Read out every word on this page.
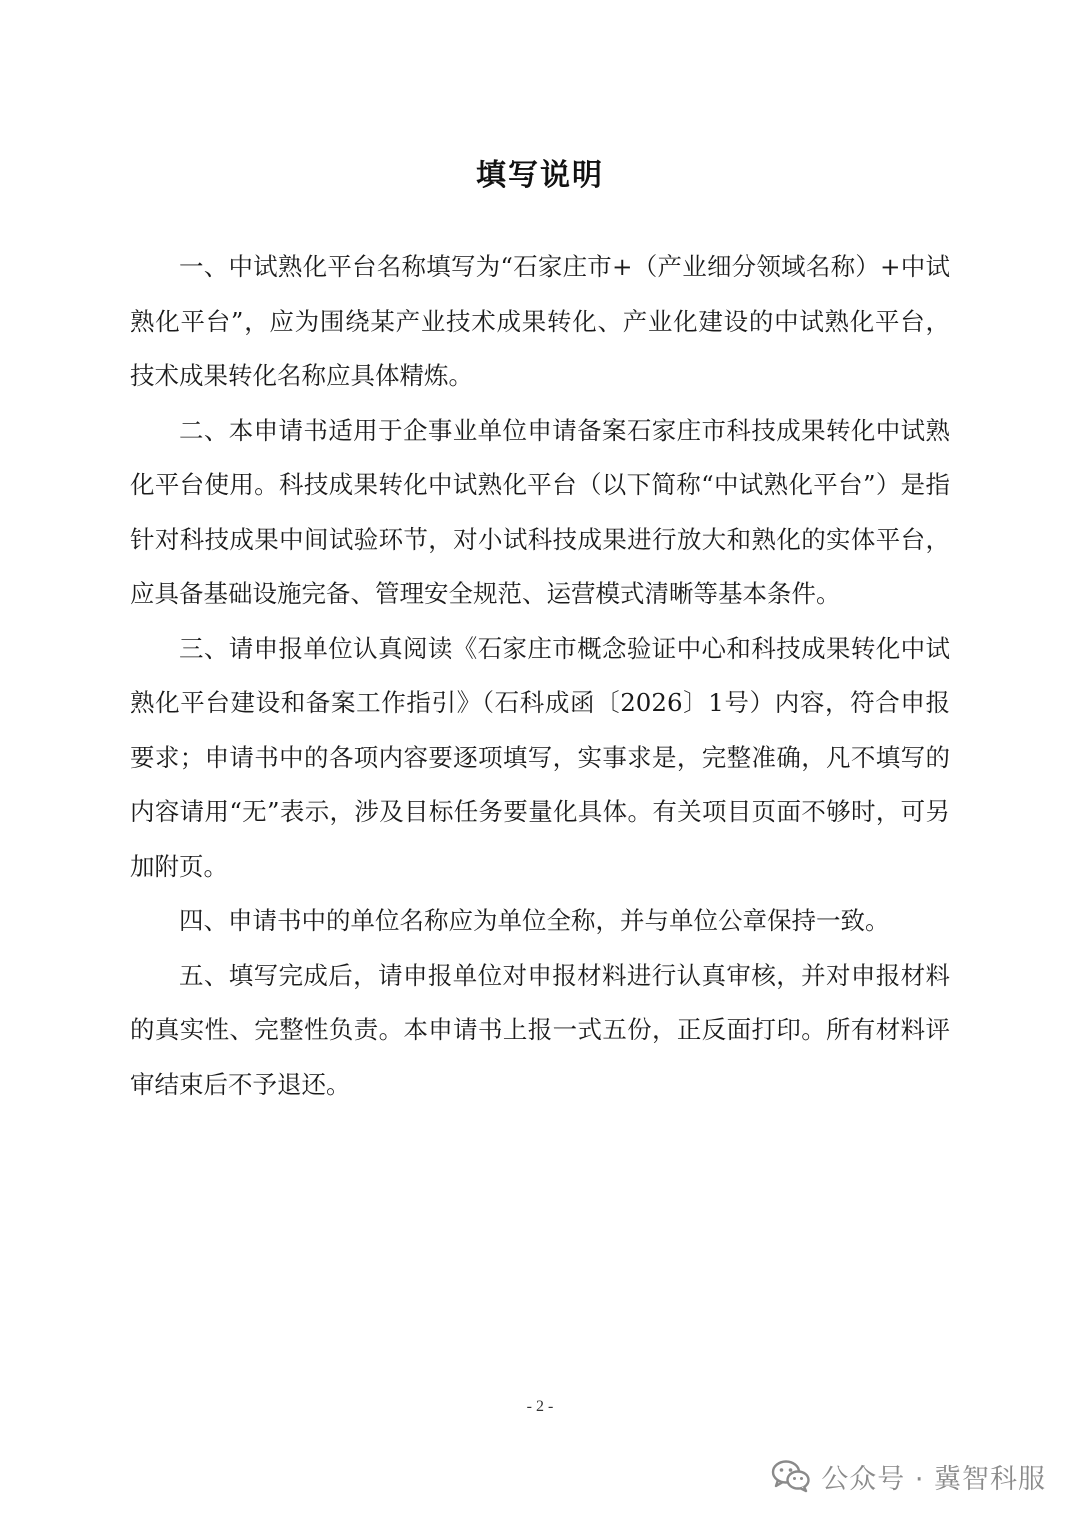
填写说明

一、中试熟化平台名称填写为“石家庄市+（产业细分领域名称）+中试熟化平台”，应为围绕某产业技术成果转化、产业化建设的中试熟化平台，技术成果转化名称应具体精炼。

二、本申请书适用于企事业单位申请备案石家庄市科技成果转化中试熟化平台使用。科技成果转化中试熟化平台（以下简称“中试熟化平台”）是指针对科技成果中间试验环节，对小试科技成果进行放大和熟化的实体平台，应具备基础设施完备、管理安全规范、运营模式清晰等基本条件。

三、请申报单位认真阅读《石家庄市概念验证中心和科技成果转化中试熟化平台建设和备案工作指引》（石科成函〔2026〕1号）内容，符合申报要求；申请书中的各项内容要逐项填写，实事求是，完整准确，凡不填写的内容请用“无”表示，涉及目标任务要量化具体。有关项目页面不够时，可另加附页。

四、申请书中的单位名称应为单位全称，并与单位公章保持一致。

五、填写完成后，请申报单位对申报材料进行认真审核，并对申报材料的真实性、完整性负责。本申请书上报一式五份，正反面打印。所有材料评审结束后不予退还。

- 2 -
公众号 · 冀智科服
